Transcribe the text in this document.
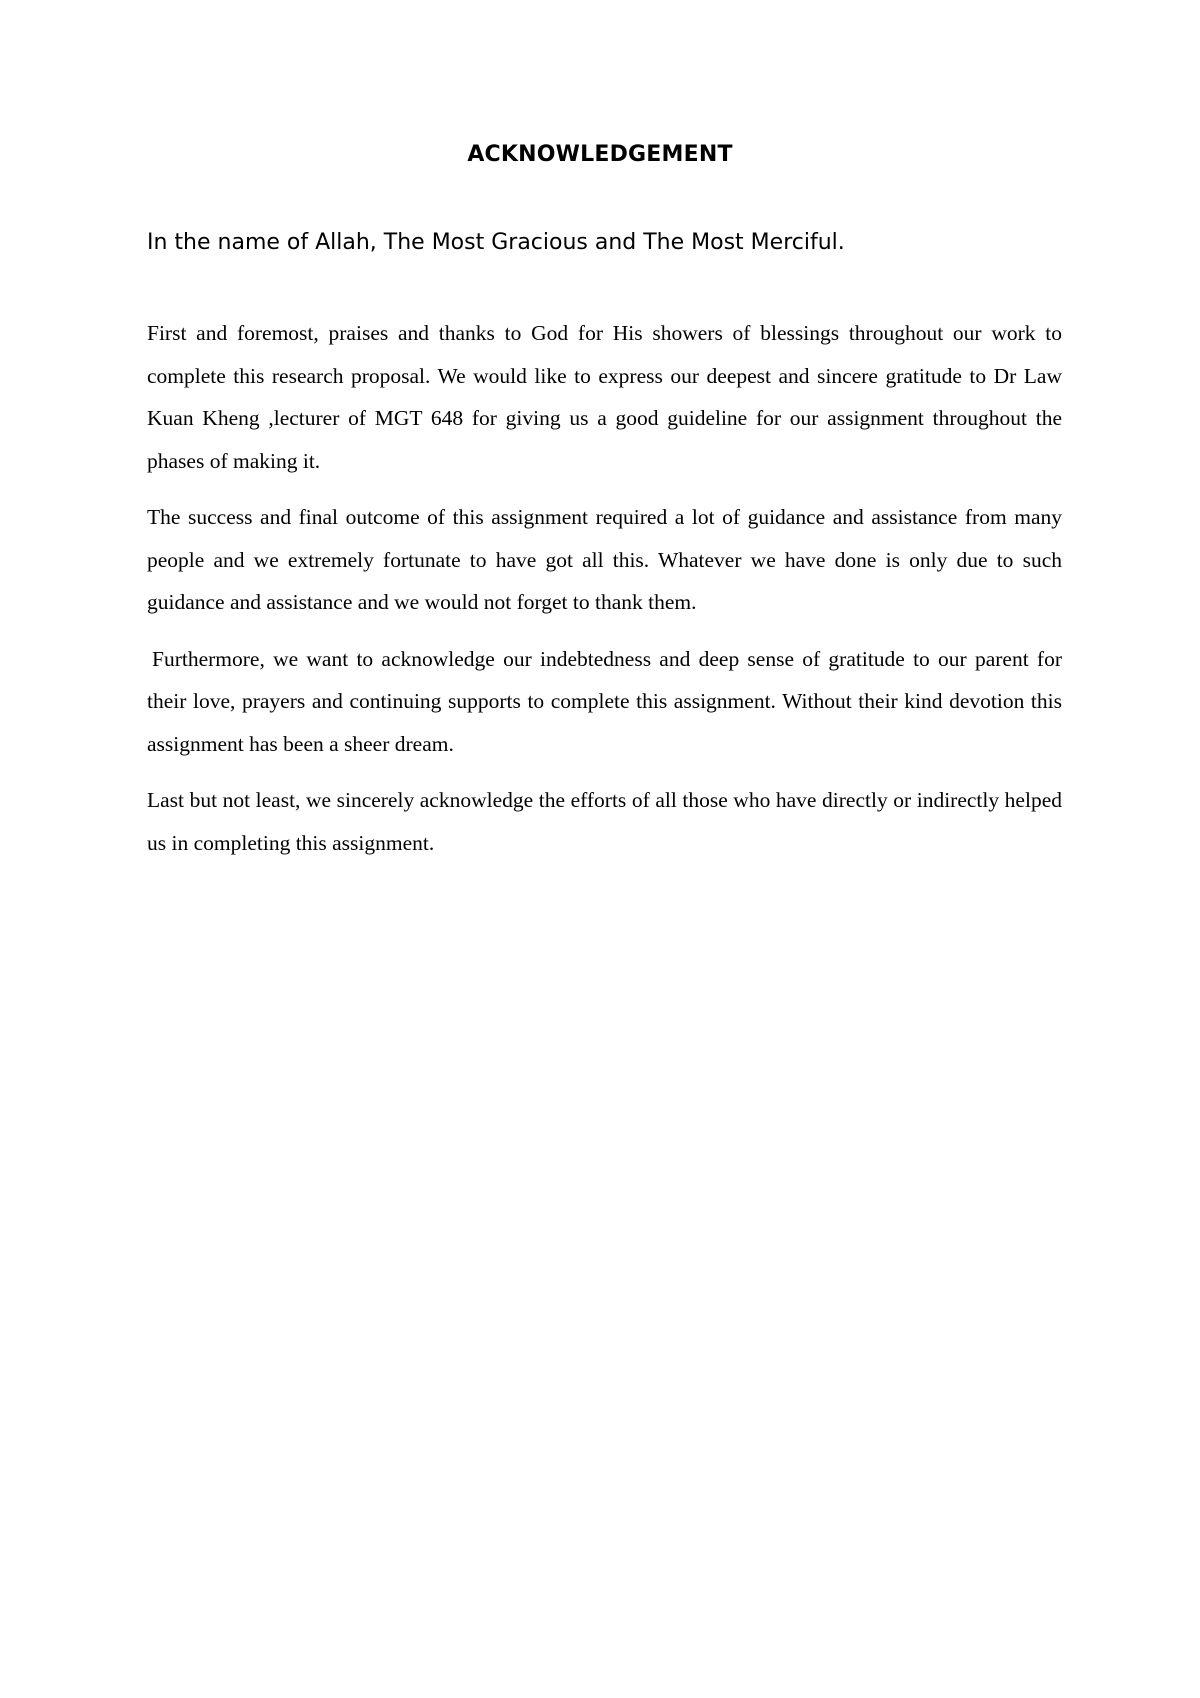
ACKNOWLEDGEMENT
In the name of Allah, The Most Gracious and The Most Merciful.

First and foremost, praises and thanks to God for His showers of blessings throughout our work to complete this research proposal. We would like to express our deepest and sincere gratitude to Dr Law Kuan Kheng ,lecturer of MGT 648 for giving us a good guideline for our assignment throughout the phases of making it.

The success and final outcome of this assignment required a lot of guidance and assistance from many people and we extremely fortunate to have got all this. Whatever we have done is only due to such guidance and assistance and we would not forget to thank them.

Furthermore, we want to acknowledge our indebtedness and deep sense of gratitude to our parent for their love, prayers and continuing supports to complete this assignment. Without their kind devotion this assignment has been a sheer dream.

Last but not least, we sincerely acknowledge the efforts of all those who have directly or indirectly helped us in completing this assignment.
